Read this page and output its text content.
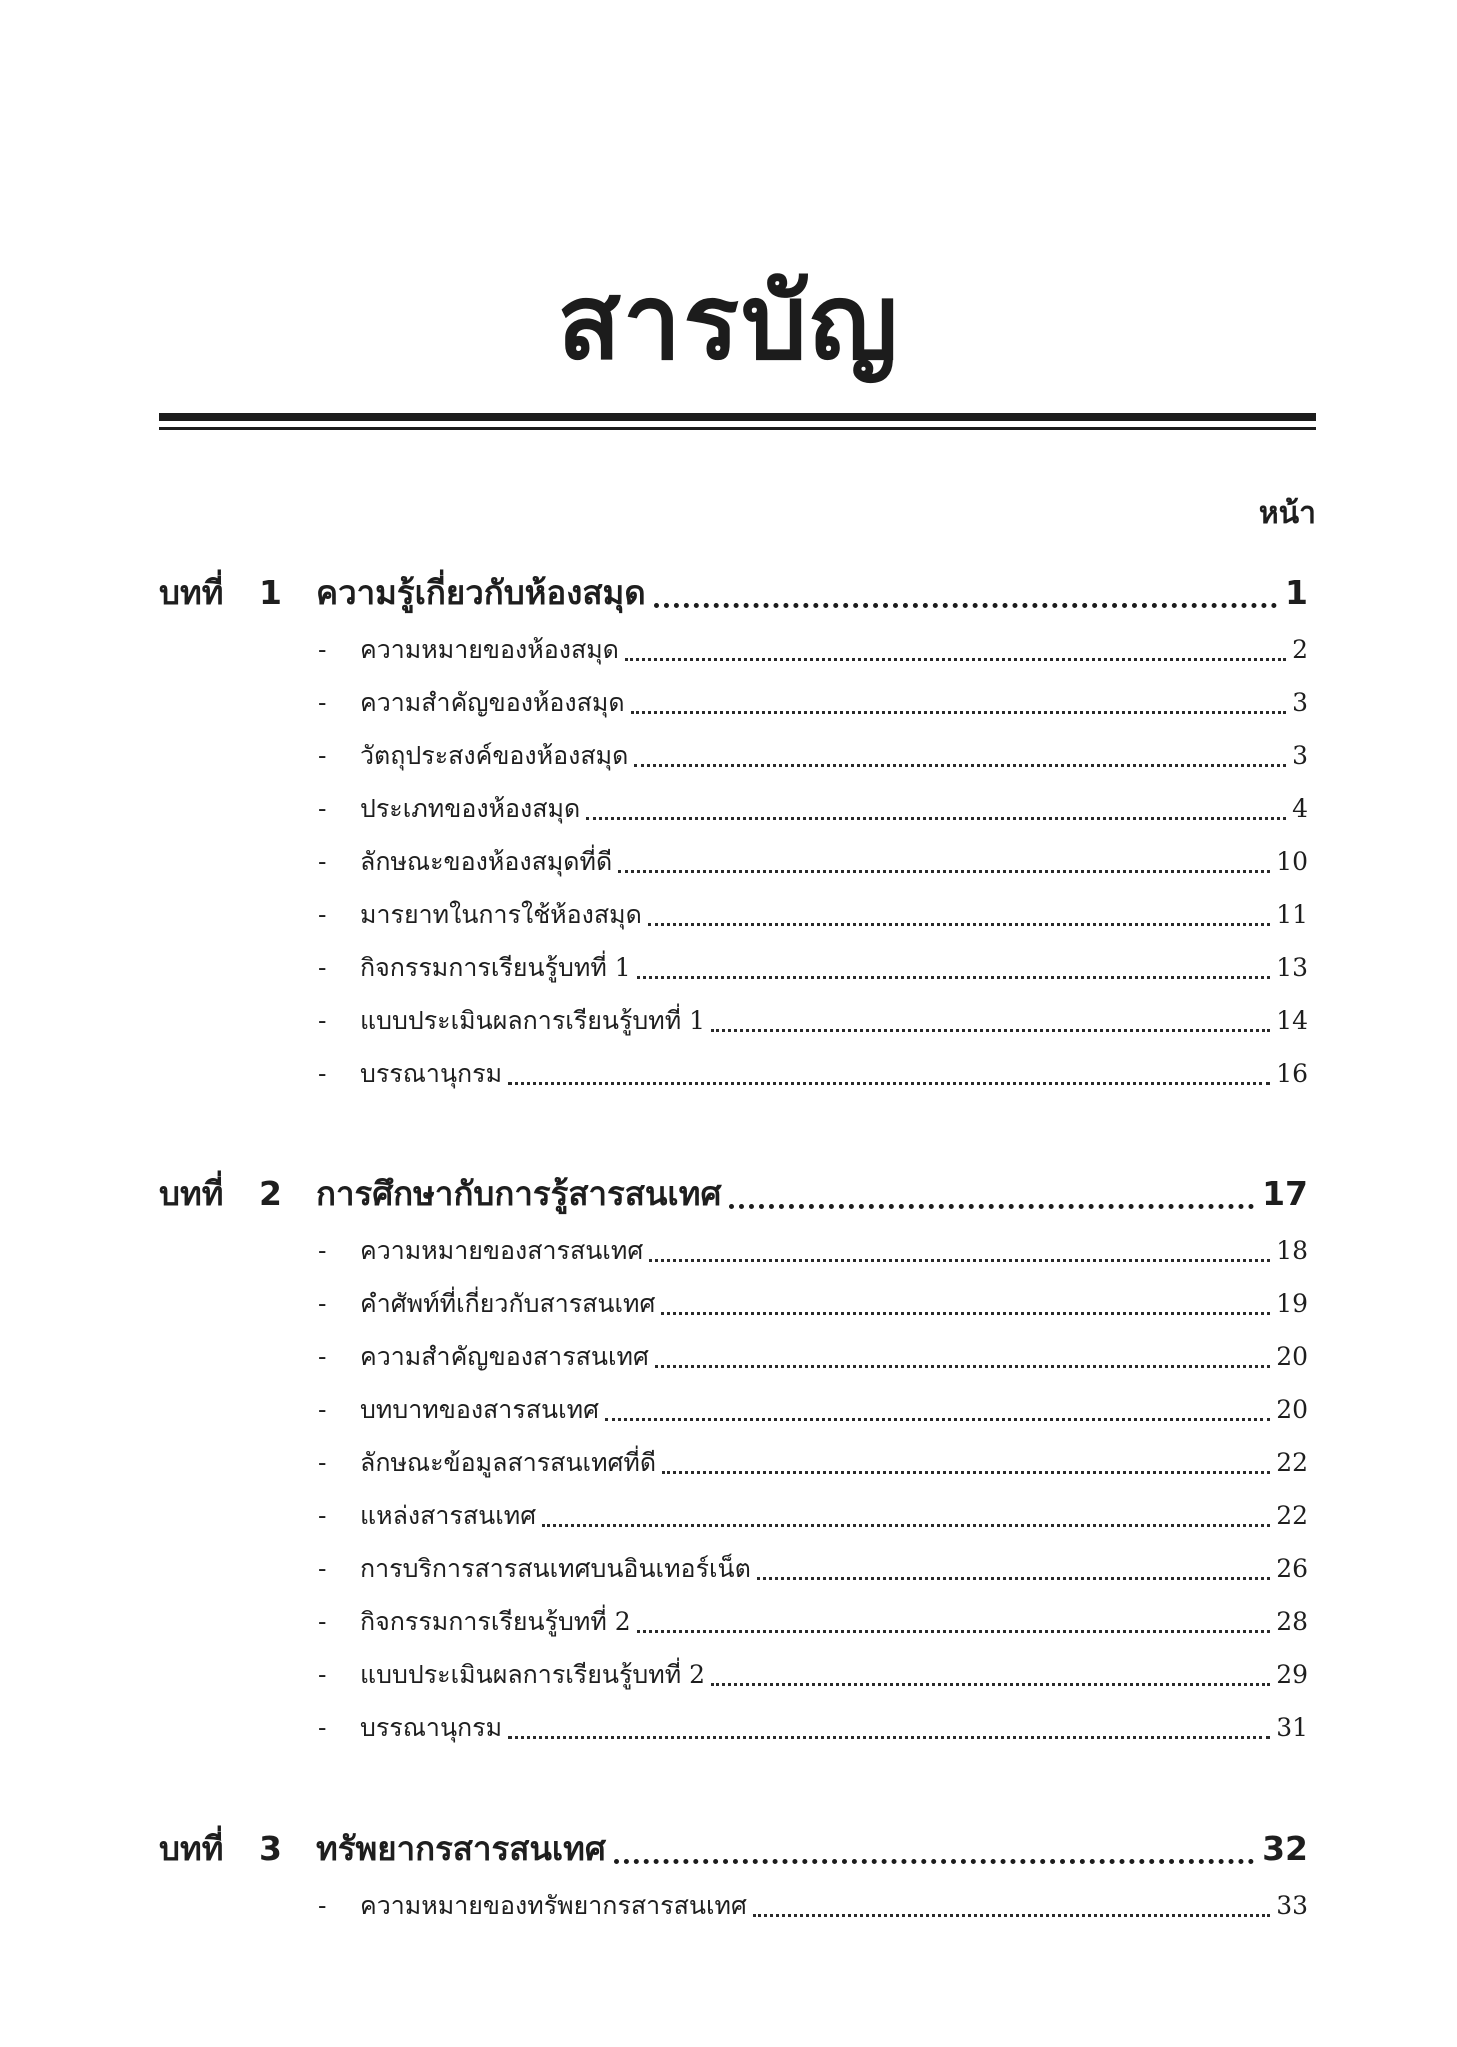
สารบัญ
หน้า
บทที่	1	ความรู้เกี่ยวกับห้องสมุด	1
-	ความหมายของห้องสมุด	2
-	ความสำคัญของห้องสมุด	3
-	วัตถุประสงค์ของห้องสมุด	3
-	ประเภทของห้องสมุด	4
-	ลักษณะของห้องสมุดที่ดี	10
-	มารยาทในการใช้ห้องสมุด	11
-	กิจกรรมการเรียนรู้บทที่ 1	13
-	แบบประเมินผลการเรียนรู้บทที่ 1	14
-	บรรณานุกรม	16
บทที่	2	การศึกษากับการรู้สารสนเทศ	17
-	ความหมายของสารสนเทศ	18
-	คำศัพท์ที่เกี่ยวกับสารสนเทศ	19
-	ความสำคัญของสารสนเทศ	20
-	บทบาทของสารสนเทศ	20
-	ลักษณะข้อมูลสารสนเทศที่ดี	22
-	แหล่งสารสนเทศ	22
-	การบริการสารสนเทศบนอินเทอร์เน็ต	26
-	กิจกรรมการเรียนรู้บทที่ 2	28
-	แบบประเมินผลการเรียนรู้บทที่ 2	29
-	บรรณานุกรม	31
บทที่	3	ทรัพยากรสารสนเทศ	32
-	ความหมายของทรัพยากรสารสนเทศ	33
